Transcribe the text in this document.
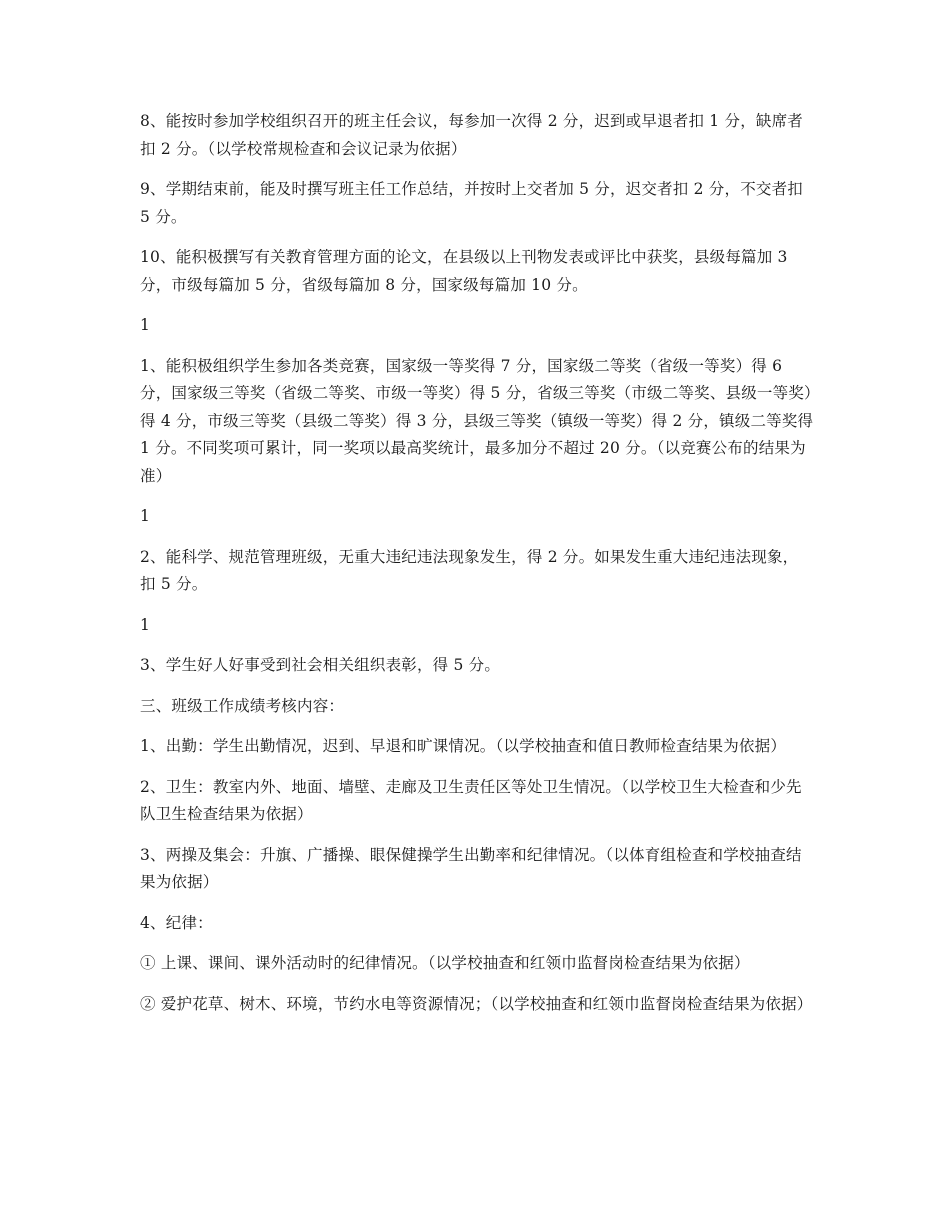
8、能按时参加学校组织召开的班主任会议，每参加一次得 2 分，迟到或早退者扣 1 分，缺席者扣 2 分。（以学校常规检查和会议记录为依据）

9、学期结束前，能及时撰写班主任工作总结，并按时上交者加 5 分，迟交者扣 2 分，不交者扣 5 分。

10、能积极撰写有关教育管理方面的论文，在县级以上刊物发表或评比中获奖，县级每篇加 3 分，市级每篇加 5 分，省级每篇加 8 分，国家级每篇加 10 分。

1

1、能积极组织学生参加各类竞赛，国家级一等奖得 7 分，国家级二等奖（省级一等奖）得 6 分，国家级三等奖（省级二等奖、市级一等奖）得 5 分，省级三等奖（市级二等奖、县级一等奖）得 4 分，市级三等奖（县级二等奖）得 3 分，县级三等奖（镇级一等奖）得 2 分，镇级二等奖得 1 分。不同奖项可累计，同一奖项以最高奖统计，最多加分不超过 20 分。（以竞赛公布的结果为准）

1

2、能科学、规范管理班级，无重大违纪违法现象发生，得 2 分。如果发生重大违纪违法现象，扣 5 分。

1

3、学生好人好事受到社会相关组织表彰，得 5 分。

三、班级工作成绩考核内容：

1、出勤：学生出勤情况，迟到、早退和旷课情况。（以学校抽查和值日教师检查结果为依据）

2、卫生：教室内外、地面、墙壁、走廊及卫生责任区等处卫生情况。（以学校卫生大检查和少先队卫生检查结果为依据）

3、两操及集会：升旗、广播操、眼保健操学生出勤率和纪律情况。（以体育组检查和学校抽查结果为依据）

4、纪律：

① 上课、课间、课外活动时的纪律情况。（以学校抽查和红领巾监督岗检查结果为依据）

② 爱护花草、树木、环境，节约水电等资源情况；（以学校抽查和红领巾监督岗检查结果为依据）
